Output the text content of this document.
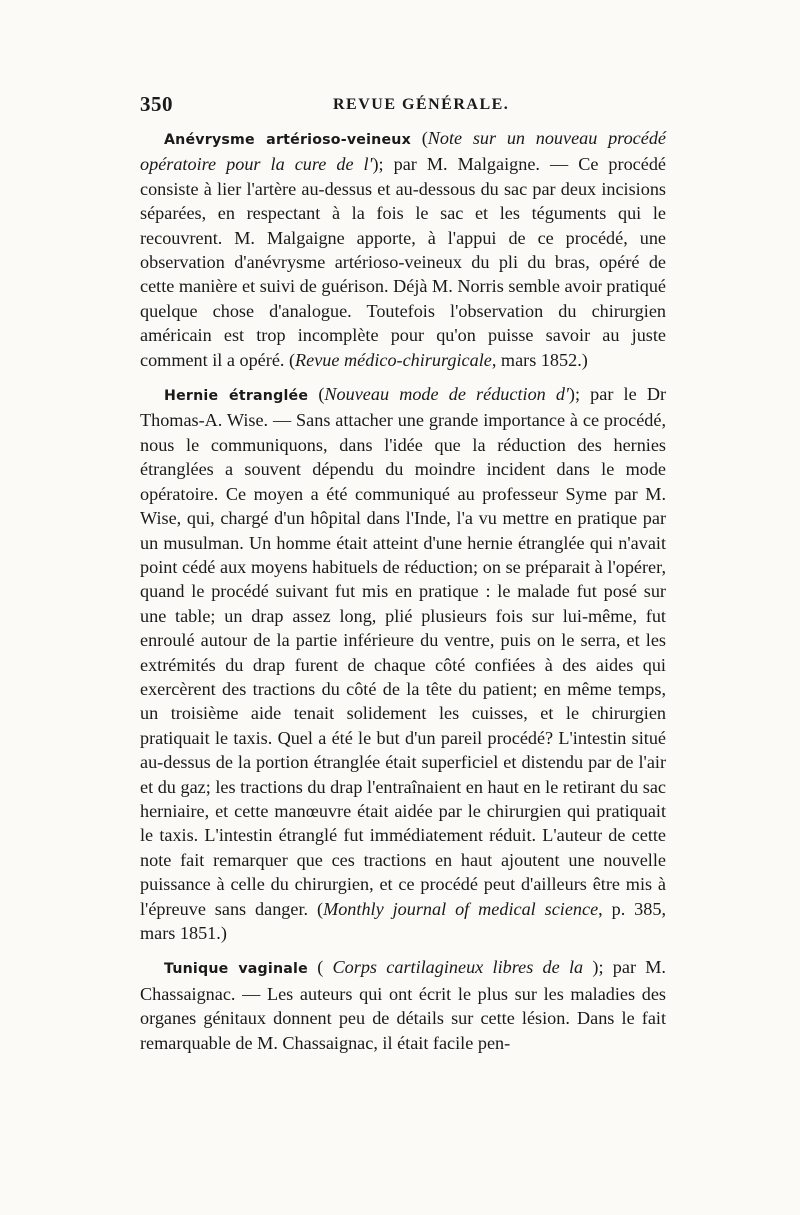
350	REVUE GÉNÉRALE.

Anévrysme artérioso-veineux (Note sur un nouveau procédé opératoire pour la cure de l'); par M. Malgaigne. — Ce procédé consiste à lier l'artère au-dessus et au-dessous du sac par deux incisions séparées, en respectant à la fois le sac et les téguments qui le recouvrent. M. Malgaigne apporte, à l'appui de ce procédé, une observation d'anévrysme artérioso-veineux du pli du bras, opéré de cette manière et suivi de guérison. Déjà M. Norris semble avoir pratiqué quelque chose d'analogue. Toutefois l'observation du chirurgien américain est trop incomplète pour qu'on puisse savoir au juste comment il a opéré. (Revue médico-chirurgicale, mars 1852.)

Hernie étranglée (Nouveau mode de réduction d'); par le Dr Thomas-A. Wise. — Sans attacher une grande importance à ce procédé, nous le communiquons, dans l'idée que la réduction des hernies étranglées a souvent dépendu du moindre incident dans le mode opératoire. Ce moyen a été communiqué au professeur Syme par M. Wise, qui, chargé d'un hôpital dans l'Inde, l'a vu mettre en pratique par un musulman. Un homme était atteint d'une hernie étranglée qui n'avait point cédé aux moyens habituels de réduction; on se préparait à l'opérer, quand le procédé suivant fut mis en pratique : le malade fut posé sur une table; un drap assez long, plié plusieurs fois sur lui-même, fut enroulé autour de la partie inférieure du ventre, puis on le serra, et les extrémités du drap furent de chaque côté confiées à des aides qui exercèrent des tractions du côté de la tête du patient; en même temps, un troisième aide tenait solidement les cuisses, et le chirurgien pratiquait le taxis. Quel a été le but d'un pareil procédé? L'intestin situé au-dessus de la portion étranglée était superficiel et distendu par de l'air et du gaz; les tractions du drap l'entraînaient en haut en le retirant du sac herniaire, et cette manœuvre était aidée par le chirurgien qui pratiquait le taxis. L'intestin étranglé fut immédiatement réduit. L'auteur de cette note fait remarquer que ces tractions en haut ajoutent une nouvelle puissance à celle du chirurgien, et ce procédé peut d'ailleurs être mis à l'épreuve sans danger. (Monthly journal of medical science, p. 385, mars 1851.)

Tunique vaginale ( Corps cartilagineux libres de la ); par M. Chassaignac. — Les auteurs qui ont écrit le plus sur les maladies des organes génitaux donnent peu de détails sur cette lésion. Dans le fait remarquable de M. Chassaignac, il était facile pen-
